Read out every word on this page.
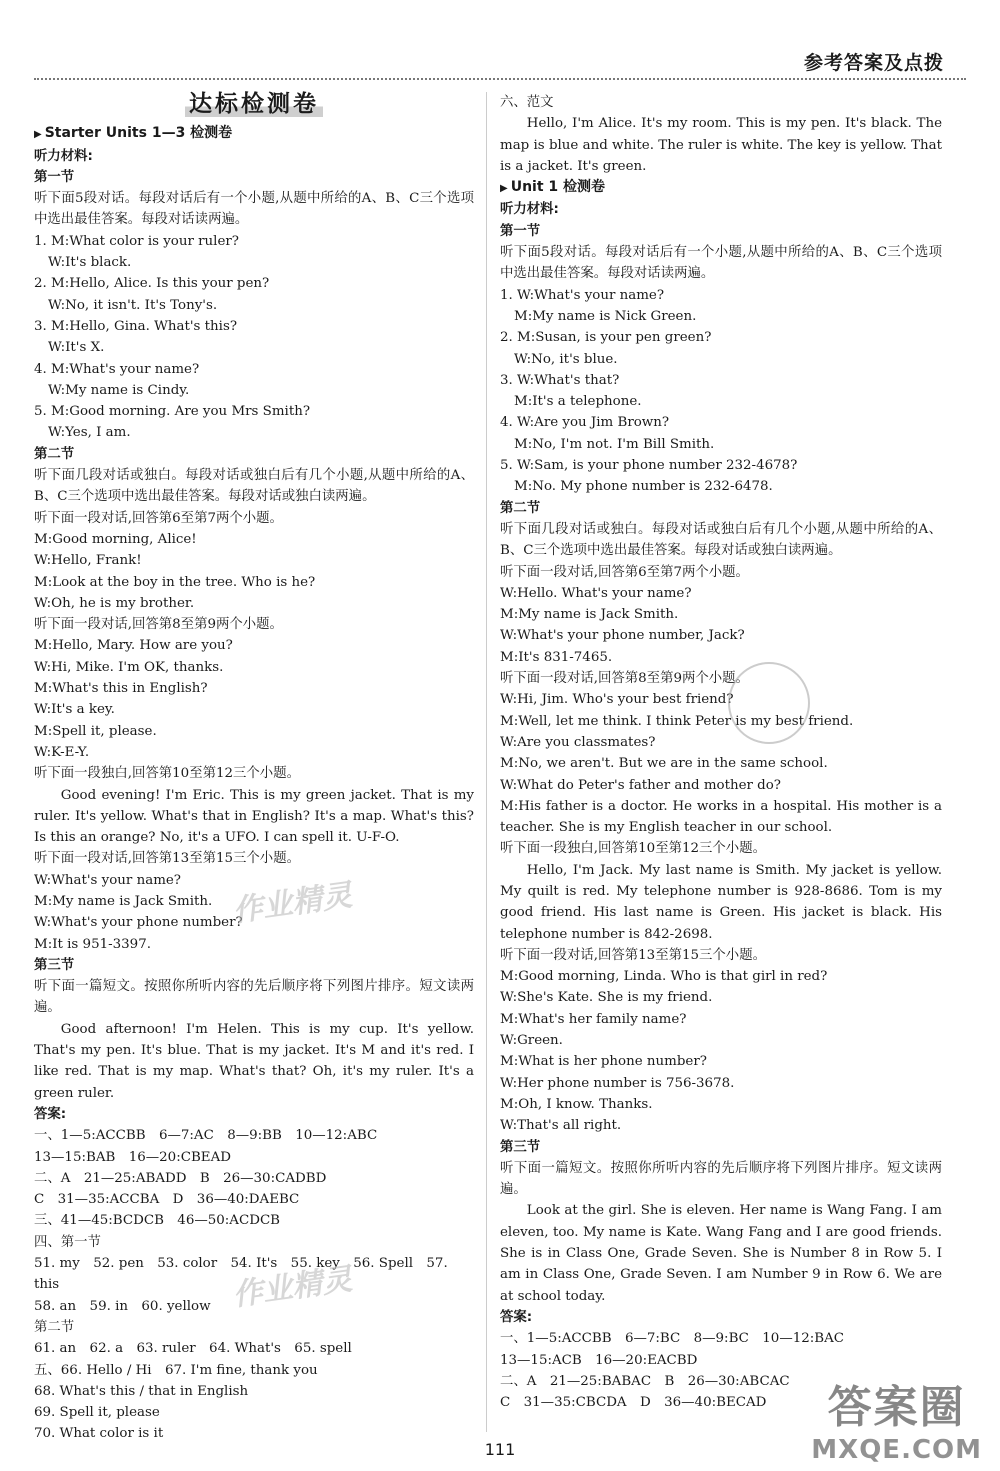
参考答案及点拨
达标检测卷
▶ Starter Units 1—3 检测卷
听力材料:
第一节

听下面5段对话。每段对话后有一个小题,从题中所给的A、B、C三个选项中选出最佳答案。每段对话读两遍。

1. M:What color is your ruler?
W:It's black.
2. M:Hello, Alice. Is this your pen?
W:No, it isn't. It's Tony's.
3. M:Hello, Gina. What's this?
W:It's X.
4. M:What's your name?
W:My name is Cindy.
5. M:Good morning. Are you Mrs Smith?
W:Yes, I am.
第二节

听下面几段对话或独白。每段对话或独白后有几个小题,从题中所给的A、B、C三个选项中选出最佳答案。每段对话或独白读两遍。

听下面一段对话,回答第6至第7两个小题。
M:Good morning, Alice!
W:Hello, Frank!
M:Look at the boy in the tree. Who is he?
W:Oh, he is my brother.
听下面一段对话,回答第8至第9两个小题。
M:Hello, Mary. How are you?
W:Hi, Mike. I'm OK, thanks.
M:What's this in English?
W:It's a key.
M:Spell it, please.
W:K-E-Y.
听下面一段独白,回答第10至第12三个小题。

Good evening! I'm Eric. This is my green jacket. That is my ruler. It's yellow. What's that in English? It's a map. What's this? Is this an orange? No, it's a UFO. I can spell it. U-F-O.

听下面一段对话,回答第13至第15三个小题。
W:What's your name?
M:My name is Jack Smith.
W:What's your phone number?
M:It is 951-3397.
第三节

听下面一篇短文。按照你所听内容的先后顺序将下列图片排序。短文读两遍。

Good afternoon! I'm Helen. This is my cup. It's yellow. That's my pen. It's blue. That is my jacket. It's M and it's red. I like red. That is my map. What's that? Oh, it's my ruler. It's a green ruler.

答案:
一、1—5:ACCBB　6—7:AC　8—9:BB　10—12:ABC
13—15:BAB　16—20:CBEAD
二、A　21—25:ABADD　B　26—30:CADBD
C　31—35:ACCBA　D　36—40:DAEBC
三、41—45:BCDCB　46—50:ACDCB
四、第一节
51. my　52. pen　53. color　54. It's　55. key　56. Spell　57. this
58. an　59. in　60. yellow
第二节
61. an　62. a　63. ruler　64. What's　65. spell
五、66. Hello / Hi　67. I'm fine, thank you
68. What's this / that in English
69. Spell it, please
70. What color is it
六、范文

Hello, I'm Alice. It's my room. This is my pen. It's black. The map is blue and white. The ruler is white. The key is yellow. That is a jacket. It's green.

▶ Unit 1 检测卷
听力材料:
第一节

听下面5段对话。每段对话后有一个小题,从题中所给的A、B、C三个选项中选出最佳答案。每段对话读两遍。

1. W:What's your name?
M:My name is Nick Green.
2. M:Susan, is your pen green?
W:No, it's blue.
3. W:What's that?
M:It's a telephone.
4. W:Are you Jim Brown?
M:No, I'm not. I'm Bill Smith.
5. W:Sam, is your phone number 232-4678?
M:No. My phone number is 232-6478.
第二节

听下面几段对话或独白。每段对话或独白后有几个小题,从题中所给的A、B、C三个选项中选出最佳答案。每段对话或独白读两遍。

听下面一段对话,回答第6至第7两个小题。
W:Hello. What's your name?
M:My name is Jack Smith.
W:What's your phone number, Jack?
M:It's 831-7465.
听下面一段对话,回答第8至第9两个小题。
W:Hi, Jim. Who's your best friend?
M:Well, let me think. I think Peter is my best friend.
W:Are you classmates?
M:No, we aren't. But we are in the same school.
W:What do Peter's father and mother do?

M:His father is a doctor. He works in a hospital. His mother is a teacher. She is my English teacher in our school.

听下面一段独白,回答第10至第12三个小题。

Hello, I'm Jack. My last name is Smith. My jacket is yellow. My quilt is red. My telephone number is 928-8686. Tom is my good friend. His last name is Green. His jacket is black. His telephone number is 842-2698.

听下面一段对话,回答第13至第15三个小题。
M:Good morning, Linda. Who is that girl in red?
W:She's Kate. She is my friend.
M:What's her family name?
W:Green.
M:What is her phone number?
W:Her phone number is 756-3678.
M:Oh, I know. Thanks.
W:That's all right.
第三节

听下面一篇短文。按照你所听内容的先后顺序将下列图片排序。短文读两遍。

Look at the girl. She is eleven. Her name is Wang Fang. I am eleven, too. My name is Kate. Wang Fang and I are good friends. She is in Class One, Grade Seven. She is Number 8 in Row 5. I am in Class One, Grade Seven. I am Number 9 in Row 6. We are at school today.

答案:
一、1—5:ACCBB　6—7:BC　8—9:BC　10—12:BAC
13—15:ACB　16—20:EACBD
二、A　21—25:BABAC　B　26—30:ABCAC
C　31—35:CBCDA　D　36—40:BECAD
作业精灵
作业精灵
答案圈
MXQE.COM
111
